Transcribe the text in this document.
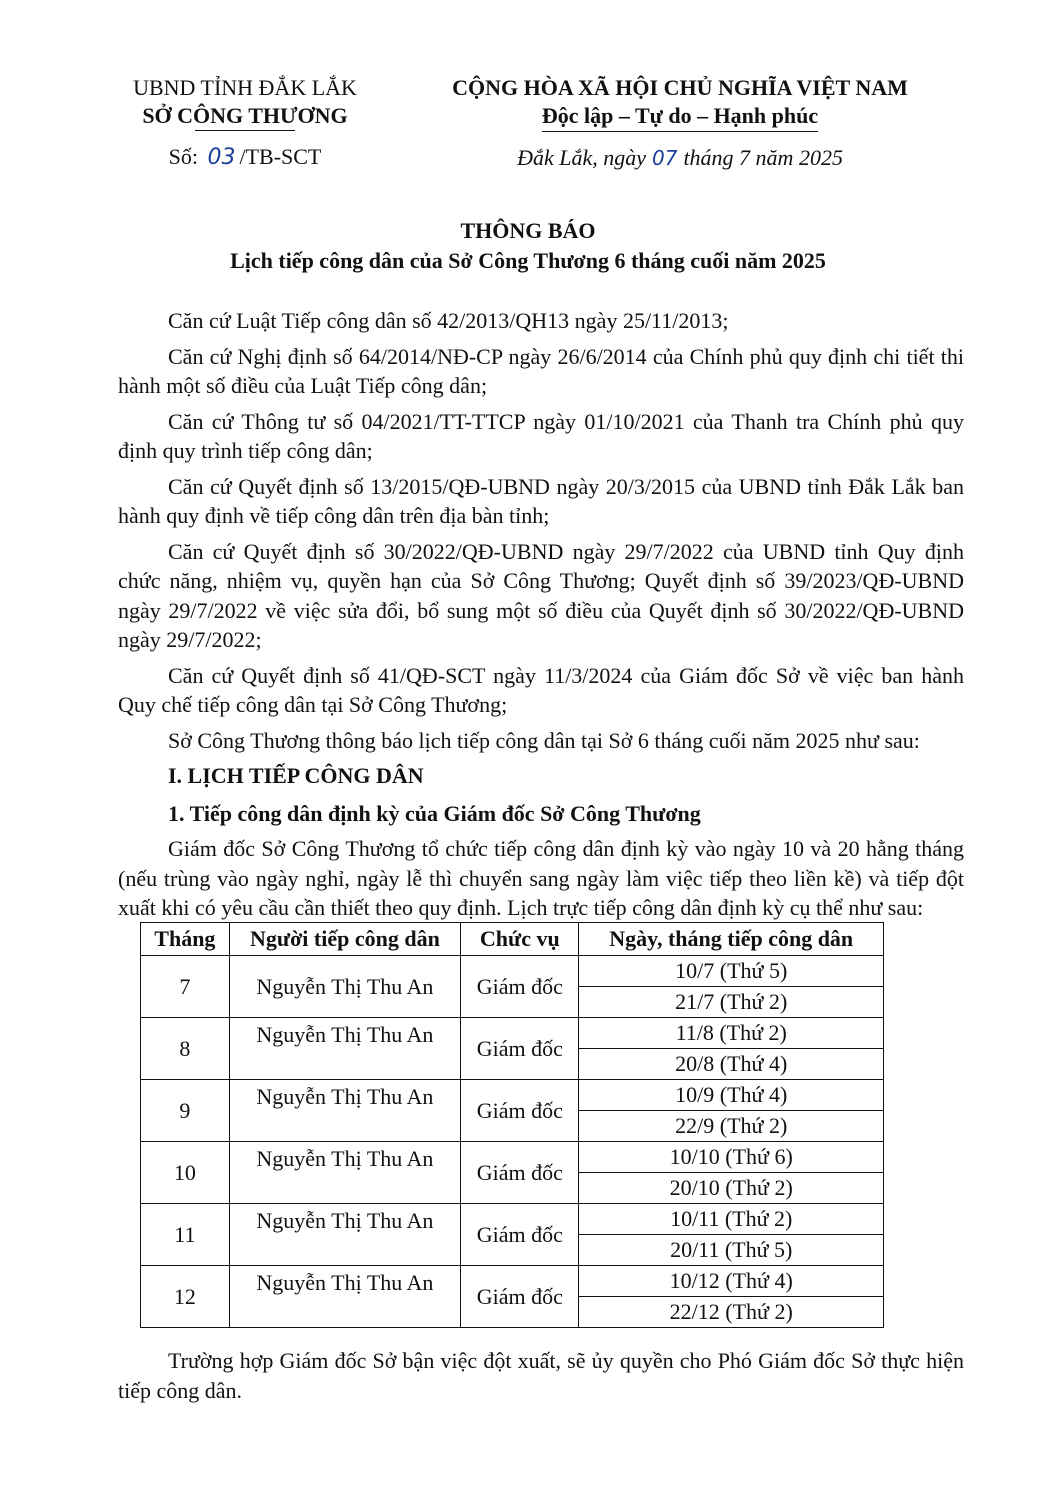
UBND TỈNH ĐẮK LẮK
SỞ CÔNG THƯƠNG
Số: 03 /TB-SCT
CỘNG HÒA XÃ HỘI CHỦ NGHĨA VIỆT NAM
Độc lập – Tự do – Hạnh phúc
Đắk Lắk, ngày 07 tháng 7 năm 2025
THÔNG BÁO
Lịch tiếp công dân của Sở Công Thương 6 tháng cuối năm 2025

Căn cứ Luật Tiếp công dân số 42/2013/QH13 ngày 25/11/2013;

Căn cứ Nghị định số 64/2014/NĐ-CP ngày 26/6/2014 của Chính phủ quy định chi tiết thi hành một số điều của Luật Tiếp công dân;

Căn cứ Thông tư số 04/2021/TT-TTCP ngày 01/10/2021 của Thanh tra Chính phủ quy định quy trình tiếp công dân;

Căn cứ Quyết định số 13/2015/QĐ-UBND ngày 20/3/2015 của UBND tỉnh Đắk Lắk ban hành quy định về tiếp công dân trên địa bàn tỉnh;

Căn cứ Quyết định số 30/2022/QĐ-UBND ngày 29/7/2022 của UBND tỉnh Quy định chức năng, nhiệm vụ, quyền hạn của Sở Công Thương; Quyết định số 39/2023/QĐ-UBND ngày 29/7/2022 về việc sửa đổi, bổ sung một số điều của Quyết định số 30/2022/QĐ-UBND ngày 29/7/2022;

Căn cứ Quyết định số 41/QĐ-SCT ngày 11/3/2024 của Giám đốc Sở về việc ban hành Quy chế tiếp công dân tại Sở Công Thương;

Sở Công Thương thông báo lịch tiếp công dân tại Sở 6 tháng cuối năm 2025 như sau:

I. LỊCH TIẾP CÔNG DÂN
1. Tiếp công dân định kỳ của Giám đốc Sở Công Thương

Giám đốc Sở Công Thương tổ chức tiếp công dân định kỳ vào ngày 10 và 20 hằng tháng (nếu trùng vào ngày nghỉ, ngày lễ thì chuyển sang ngày làm việc tiếp theo liền kề) và tiếp đột xuất khi có yêu cầu cần thiết theo quy định. Lịch trực tiếp công dân định kỳ cụ thể như sau:

Tháng	Người tiếp công dân	Chức vụ	Ngày, tháng tiếp công dân
7	Nguyễn Thị Thu An	Giám đốc	10/7 (Thứ 5)
			21/7 (Thứ 2)
8	Nguyễn Thị Thu An	Giám đốc	11/8 (Thứ 2)
			20/8 (Thứ 4)
9	Nguyễn Thị Thu An	Giám đốc	10/9 (Thứ 4)
			22/9 (Thứ 2)
10	Nguyễn Thị Thu An	Giám đốc	10/10 (Thứ 6)
			20/10 (Thứ 2)
11	Nguyễn Thị Thu An	Giám đốc	10/11 (Thứ 2)
			20/11 (Thứ 5)
12	Nguyễn Thị Thu An	Giám đốc	10/12 (Thứ 4)
			22/12 (Thứ 2)

Trường hợp Giám đốc Sở bận việc đột xuất, sẽ ủy quyền cho Phó Giám đốc Sở thực hiện tiếp công dân.
